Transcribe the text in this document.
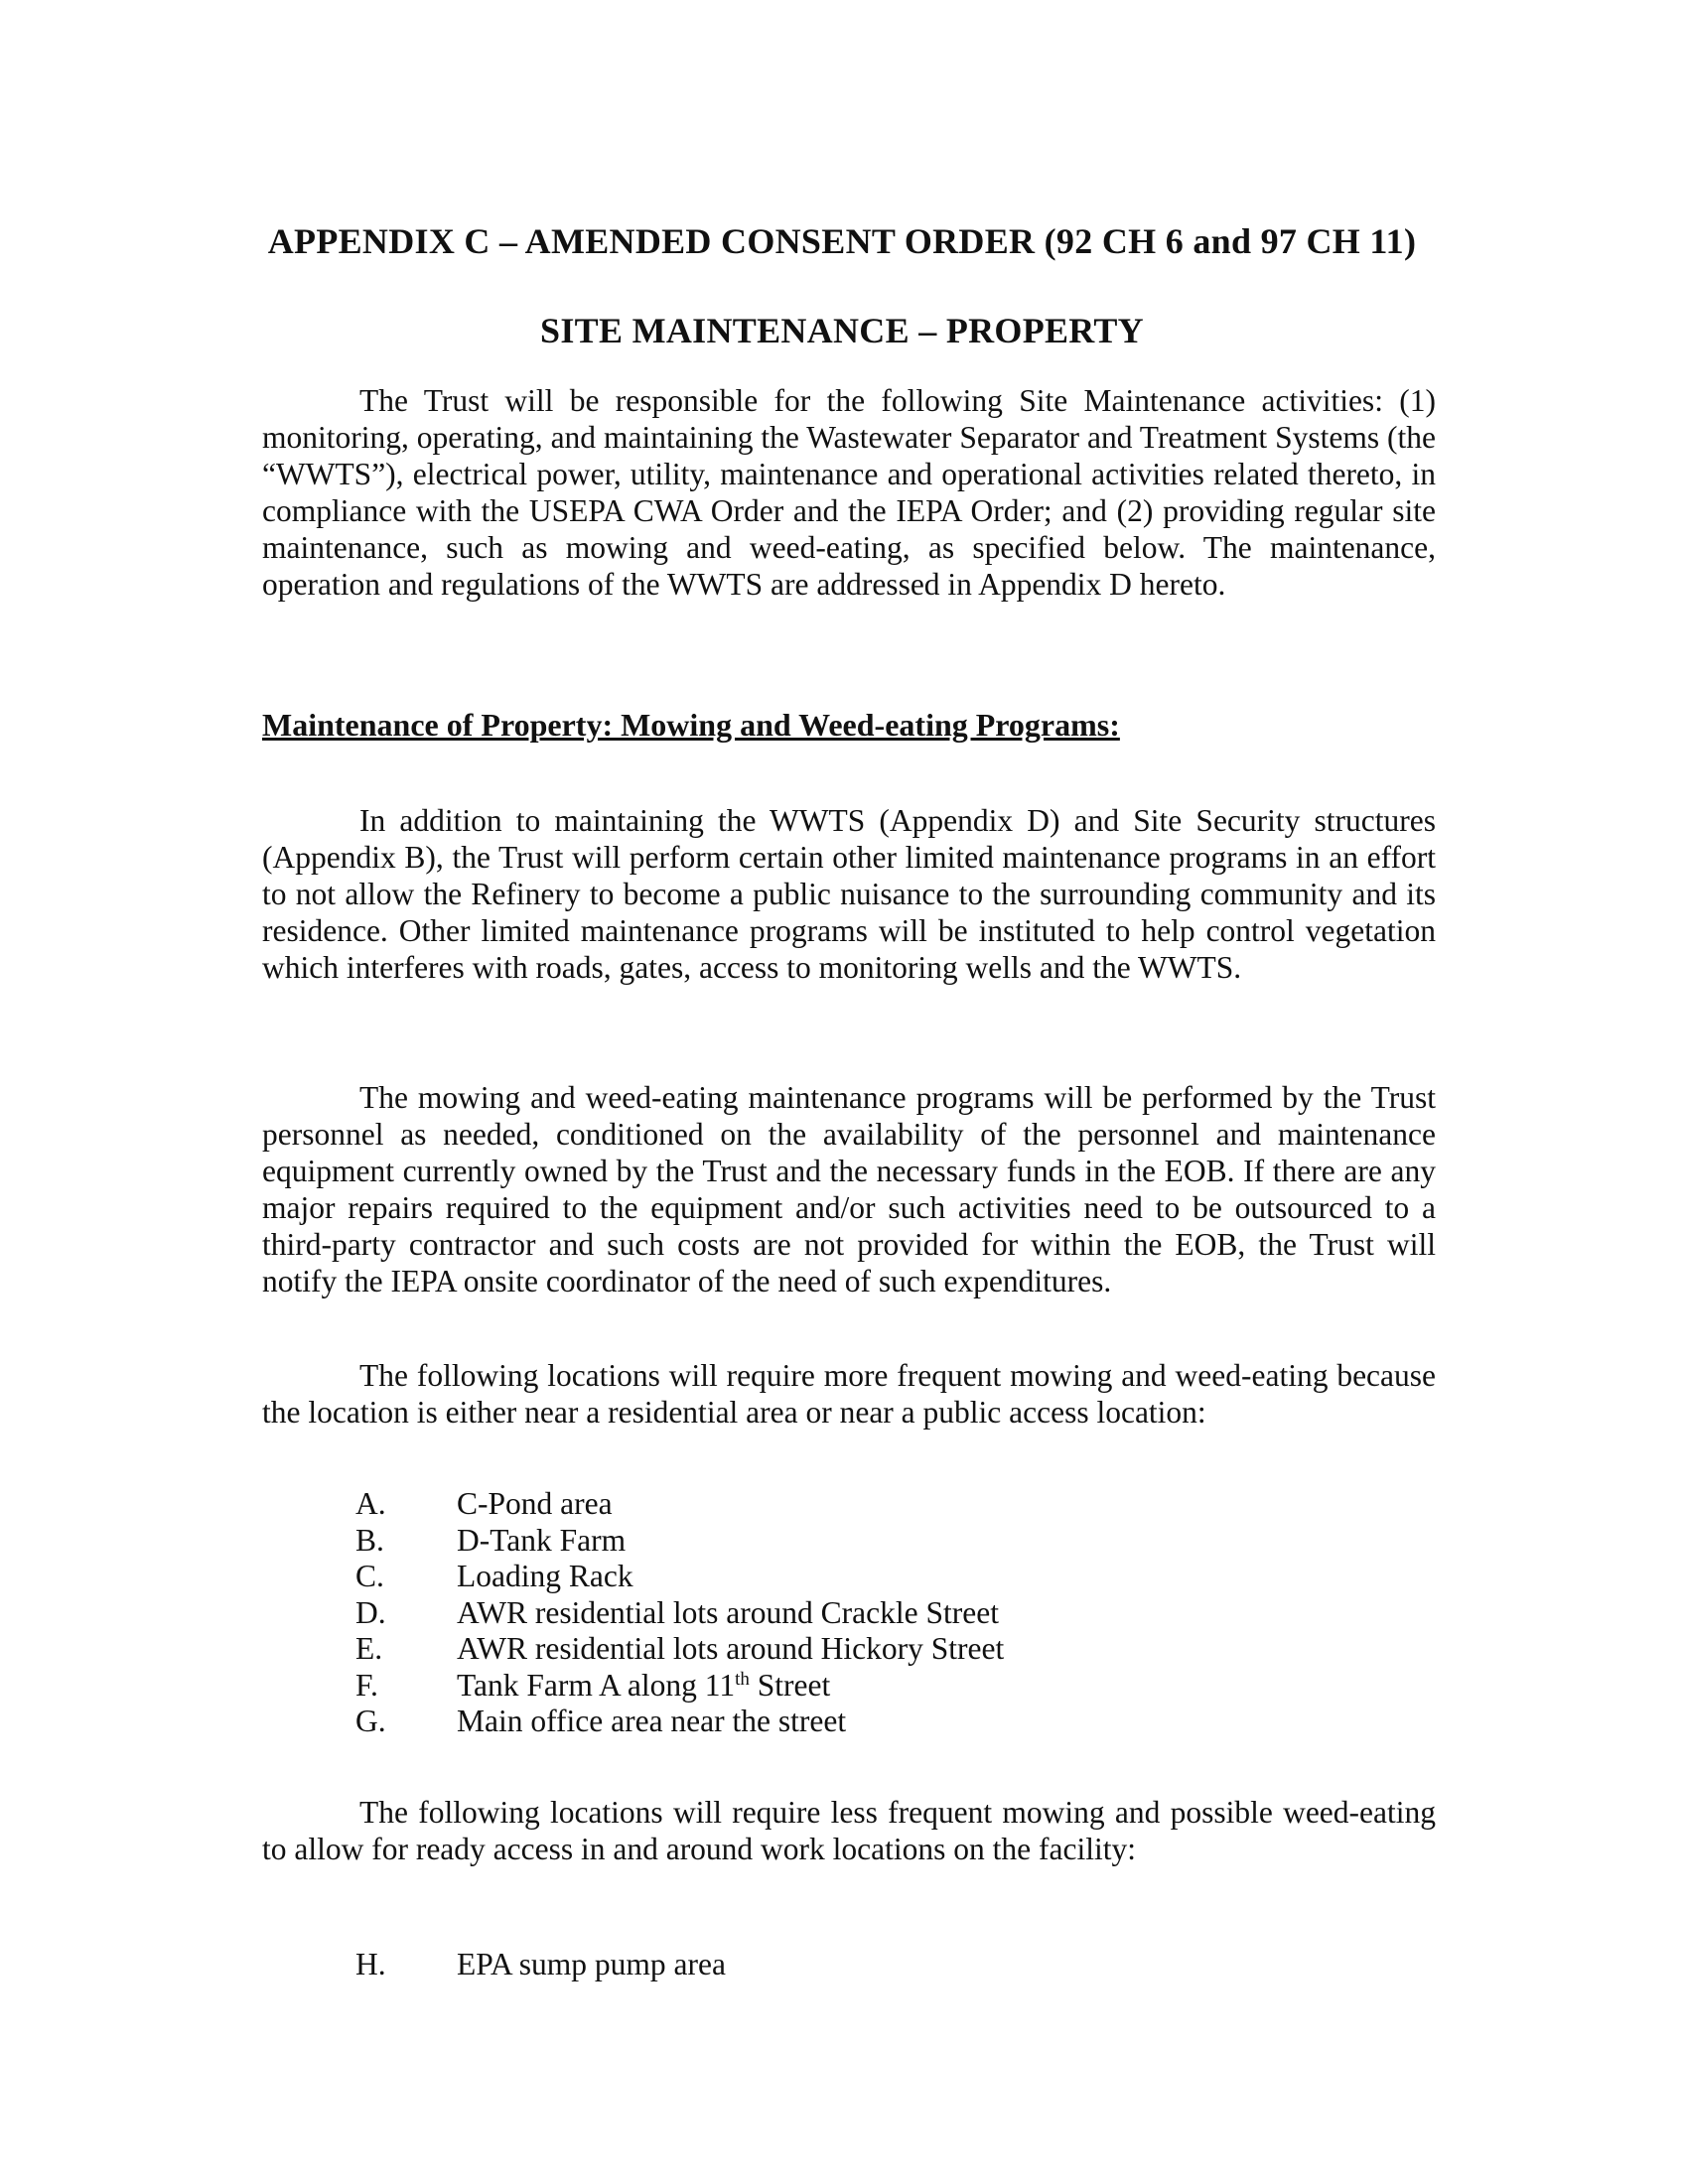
APPENDIX C – AMENDED CONSENT ORDER (92 CH 6 and 97 CH 11)
SITE MAINTENANCE – PROPERTY
The Trust will be responsible for the following Site Maintenance activities: (1) monitoring, operating, and maintaining the Wastewater Separator and Treatment Systems (the “WWTS”), electrical power, utility, maintenance and operational activities related thereto, in compliance with the USEPA CWA Order and the IEPA Order; and (2) providing regular site maintenance, such as mowing and weed-eating, as specified below. The maintenance, operation and regulations of the WWTS are addressed in Appendix D hereto.
Maintenance of Property: Mowing and Weed-eating Programs:
In addition to maintaining the WWTS (Appendix D) and Site Security structures (Appendix B), the Trust will perform certain other limited maintenance programs in an effort to not allow the Refinery to become a public nuisance to the surrounding community and its residence. Other limited maintenance programs will be instituted to help control vegetation which interferes with roads, gates, access to monitoring wells and the WWTS.
The mowing and weed-eating maintenance programs will be performed by the Trust personnel as needed, conditioned on the availability of the personnel and maintenance equipment currently owned by the Trust and the necessary funds in the EOB. If there are any major repairs required to the equipment and/or such activities need to be outsourced to a third-party contractor and such costs are not provided for within the EOB, the Trust will notify the IEPA onsite coordinator of the need of such expenditures.
The following locations will require more frequent mowing and weed-eating because the location is either near a residential area or near a public access location:
A. C-Pond area
B. D-Tank Farm
C. Loading Rack
D. AWR residential lots around Crackle Street
E. AWR residential lots around Hickory Street
F.	Tank Farm A along 11th Street
G. Main office area near the street
The following locations will require less frequent mowing and possible weed-eating to allow for ready access in and around work locations on the facility:
H. EPA sump pump area
